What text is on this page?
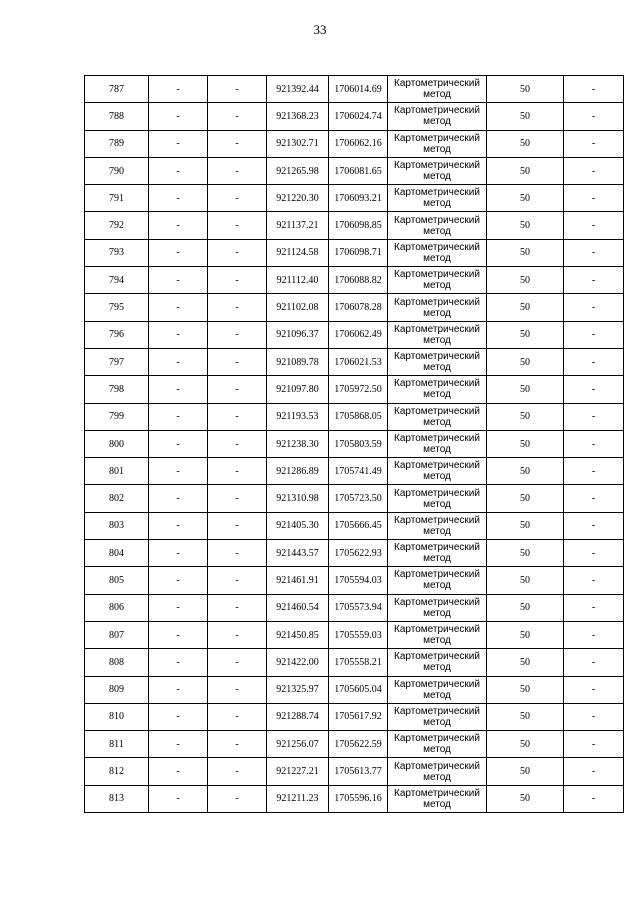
33
787	-	-	921392.44	1706014.69	Картометрический метод	50	-
788	-	-	921368.23	1706024.74	Картометрический метод	50	-
789	-	-	921302.71	1706062.16	Картометрический метод	50	-
790	-	-	921265.98	1706081.65	Картометрический метод	50	-
791	-	-	921220.30	1706093.21	Картометрический метод	50	-
792	-	-	921137.21	1706098.85	Картометрический метод	50	-
793	-	-	921124.58	1706098.71	Картометрический метод	50	-
794	-	-	921112.40	1706088.82	Картометрический метод	50	-
795	-	-	921102.08	1706078.28	Картометрический метод	50	-
796	-	-	921096.37	1706062.49	Картометрический метод	50	-
797	-	-	921089.78	1706021.53	Картометрический метод	50	-
798	-	-	921097.80	1705972.50	Картометрический метод	50	-
799	-	-	921193.53	1705868.05	Картометрический метод	50	-
800	-	-	921238.30	1705803.59	Картометрический метод	50	-
801	-	-	921286.89	1705741.49	Картометрический метод	50	-
802	-	-	921310.98	1705723.50	Картометрический метод	50	-
803	-	-	921405.30	1705666.45	Картометрический метод	50	-
804	-	-	921443.57	1705622.93	Картометрический метод	50	-
805	-	-	921461.91	1705594.03	Картометрический метод	50	-
806	-	-	921460.54	1705573.94	Картометрический метод	50	-
807	-	-	921450.85	1705559.03	Картометрический метод	50	-
808	-	-	921422.00	1705558.21	Картометрический метод	50	-
809	-	-	921325.97	1705605.04	Картометрический метод	50	-
810	-	-	921288.74	1705617.92	Картометрический метод	50	-
811	-	-	921256.07	1705622.59	Картометрический метод	50	-
812	-	-	921227.21	1705613.77	Картометрический метод	50	-
813	-	-	921211.23	1705596.16	Картометрический метод	50	-
